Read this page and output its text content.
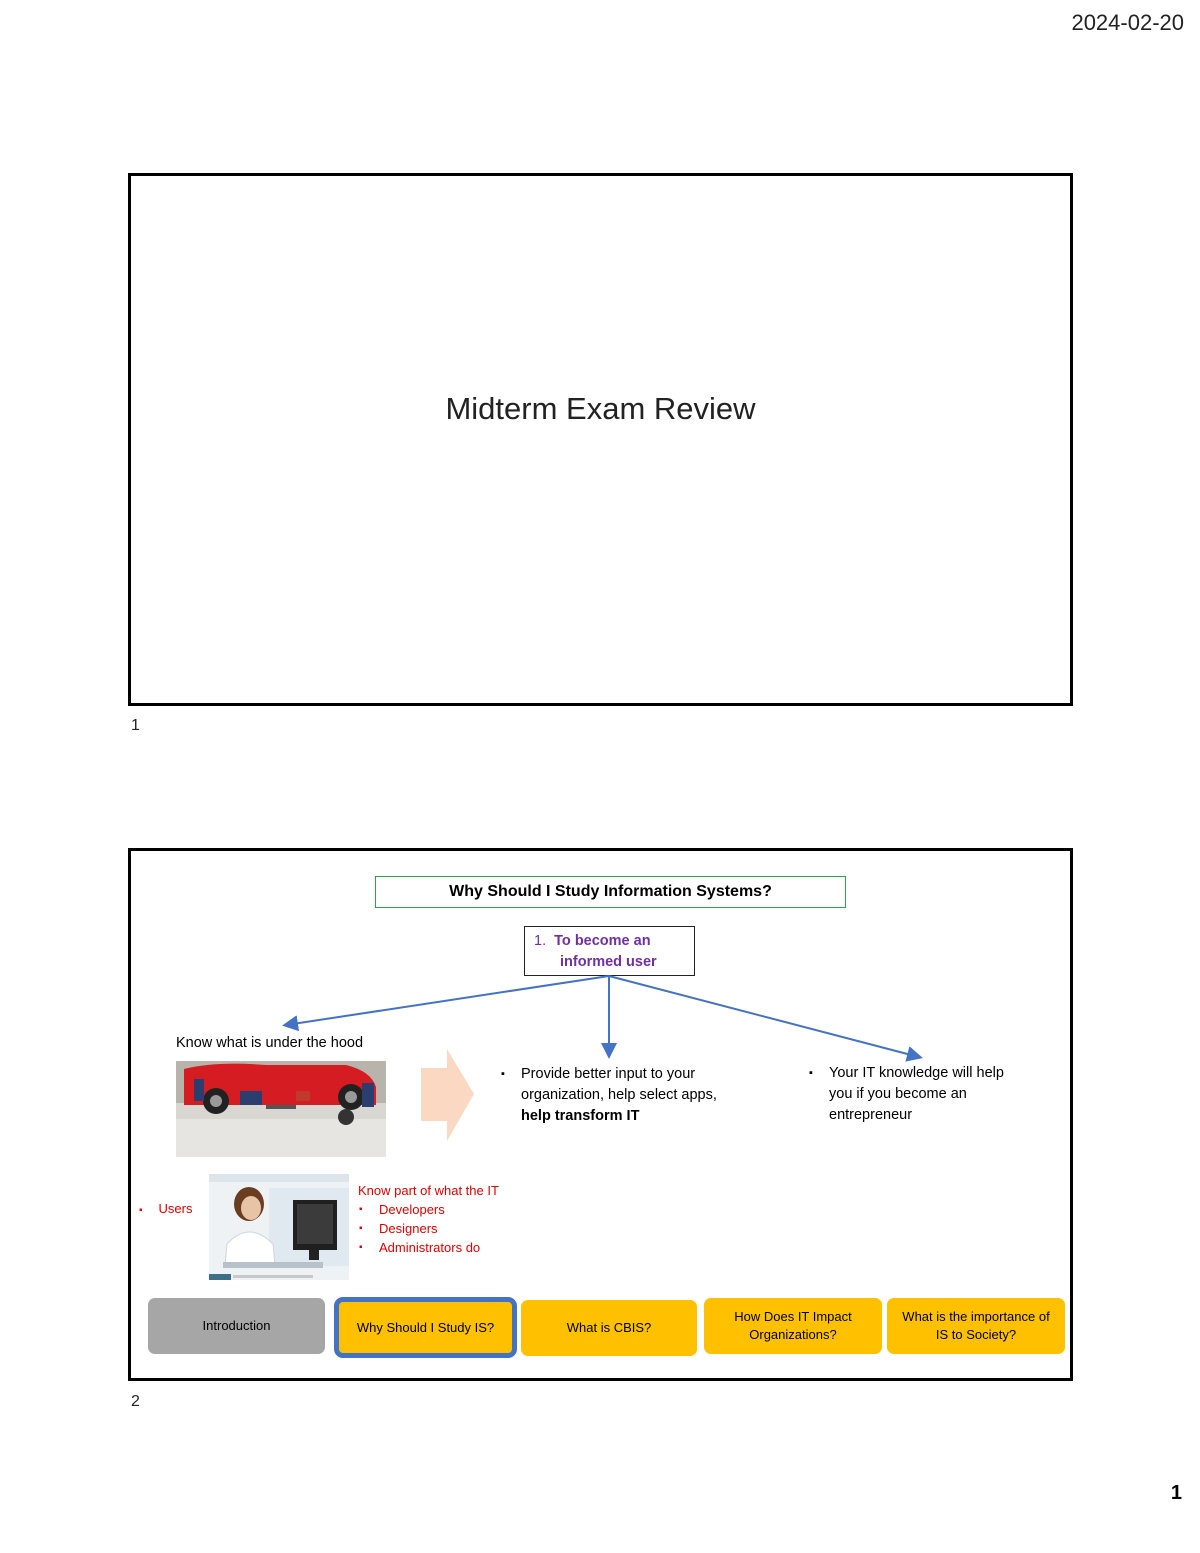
2024-02-20
Midterm Exam Review
1
Why Should I Study Information Systems?
1. To become an
informed user
Know what is under the hood
▪ Provide better input to your organization, help select apps, help transform IT
▪ Your IT knowledge will help you if you become an entrepreneur
▪ Users
Know part of what the IT
▪ Developers
▪ Designers
▪ Administrators do
Introduction	Why Should I Study IS?	What is CBIS?
How Does IT Impact Organizations?
What is the importance of IS to Society?
2
1
